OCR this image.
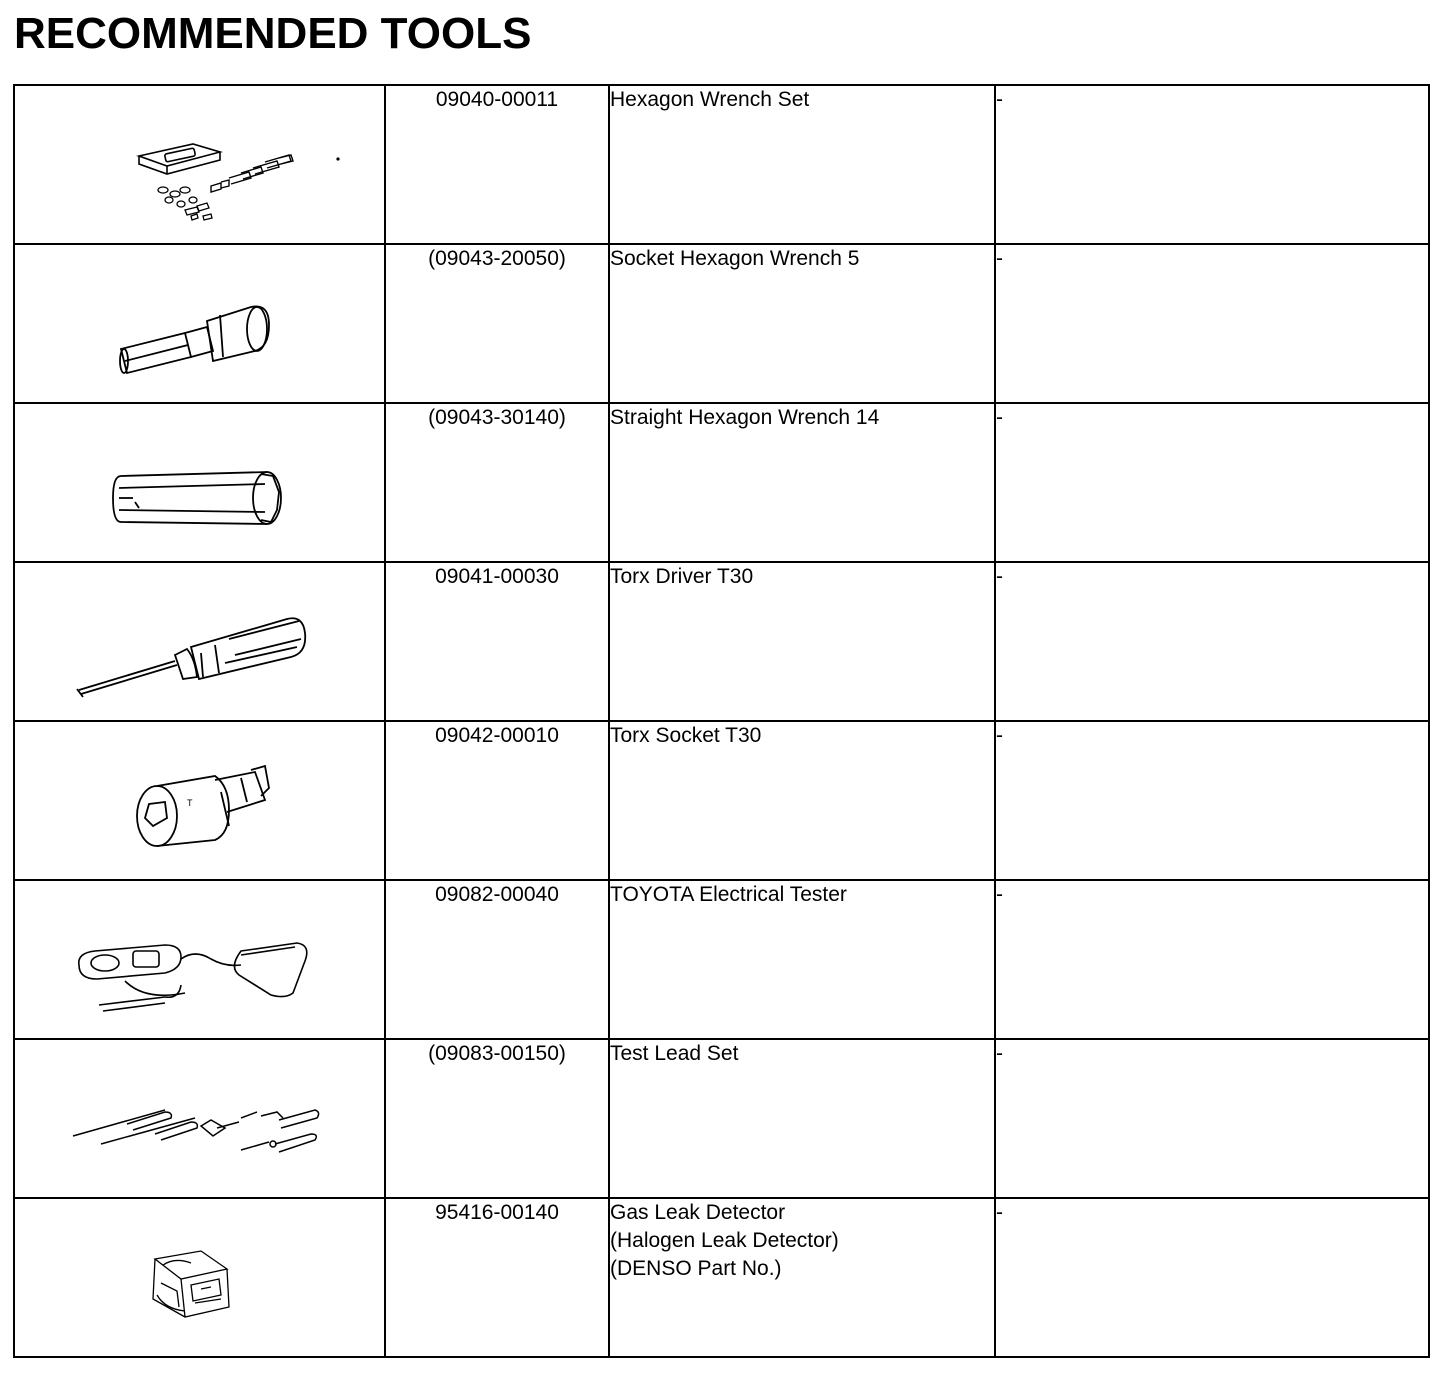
RECOMMENDED TOOLS
	09040-00011	Hexagon Wrench Set	-

	(09043-20050)	Socket Hexagon Wrench 5	-

	(09043-30140)	Straight Hexagon Wrench 14	-

	09041-00030	Torx Driver T30	-

T	09042-00010	Torx Socket T30	-

	09082-00040	TOYOTA Electrical Tester	-

	(09083-00150)	Test Lead Set	-

	95416-00140	Gas Leak Detector
(Halogen Leak Detector)
(DENSO Part No.)	-
